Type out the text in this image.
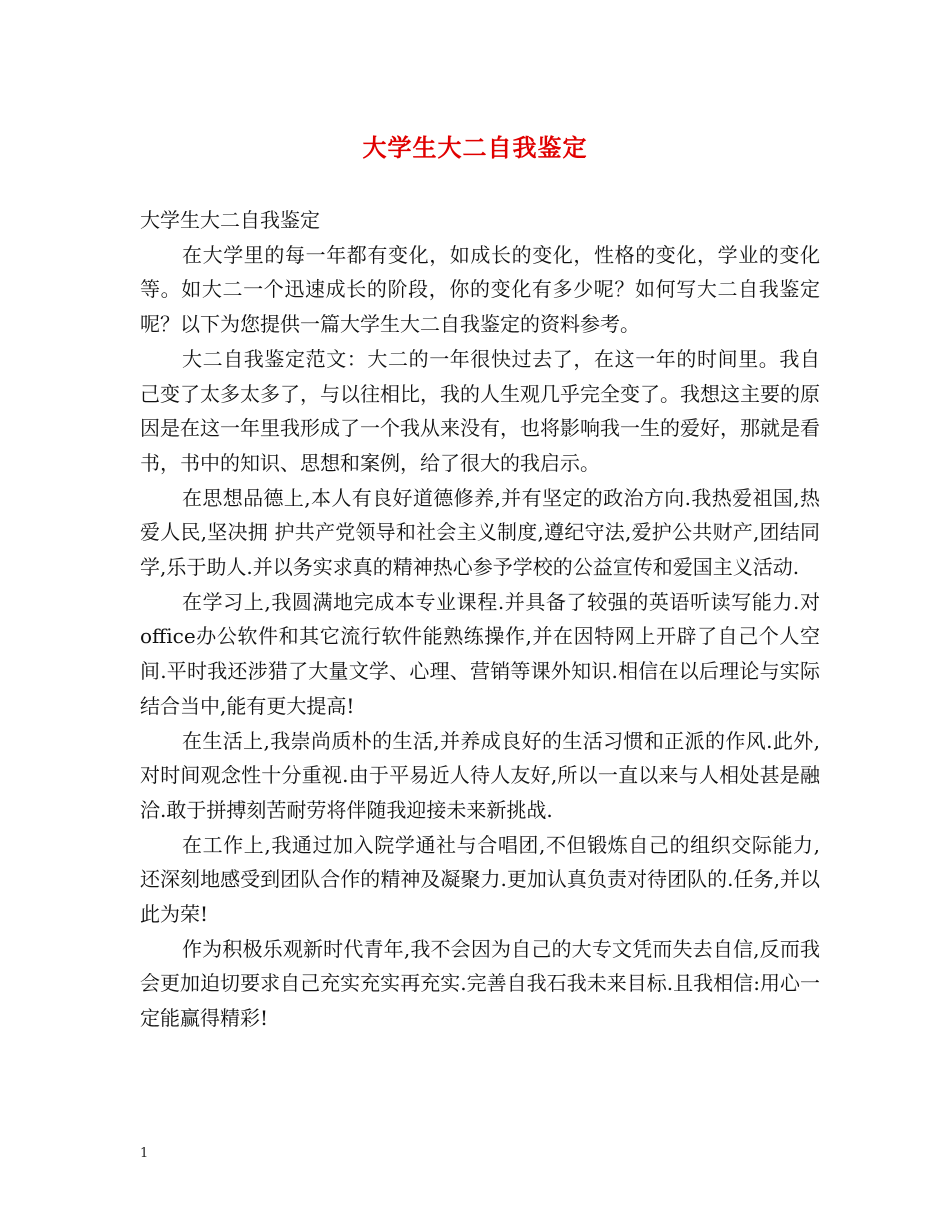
大学生大二自我鉴定

大学生大二自我鉴定

在大学里的每一年都有变化，如成长的变化，性格的变化，学业的变化等。如大二一个迅速成长的阶段，你的变化有多少呢？如何写大二自我鉴定呢？以下为您提供一篇大学生大二自我鉴定的资料参考。

大二自我鉴定范文：大二的一年很快过去了，在这一年的时间里。我自己变了太多太多了，与以往相比，我的人生观几乎完全变了。我想这主要的原因是在这一年里我形成了一个我从来没有，也将影响我一生的爱好，那就是看书，书中的知识、思想和案例，给了很大的我启示。

在思想品德上,本人有良好道德修养,并有坚定的政治方向.我热爱祖国,热爱人民,坚决拥 护共产党领导和社会主义制度,遵纪守法,爱护公共财产,团结同学,乐于助人.并以务实求真的精神热心参予学校的公益宣传和爱国主义活动.

在学习上,我圆满地完成本专业课程.并具备了较强的英语听读写能力.对office办公软件和其它流行软件能熟练操作,并在因特网上开辟了自己个人空间.平时我还涉猎了大量文学、心理、营销等课外知识.相信在以后理论与实际结合当中,能有更大提高!

在生活上,我崇尚质朴的生活,并养成良好的生活习惯和正派的作风.此外,对时间观念性十分重视.由于平易近人待人友好,所以一直以来与人相处甚是融洽.敢于拼搏刻苦耐劳将伴随我迎接未来新挑战.

在工作上,我通过加入院学通社与合唱团,不但锻炼自己的组织交际能力,还深刻地感受到团队合作的精神及凝聚力.更加认真负责对待团队的.任务,并以此为荣!

作为积极乐观新时代青年,我不会因为自己的大专文凭而失去自信,反而我会更加迫切要求自己充实充实再充实.完善自我石我未来目标.且我相信:用心一定能赢得精彩!

1
